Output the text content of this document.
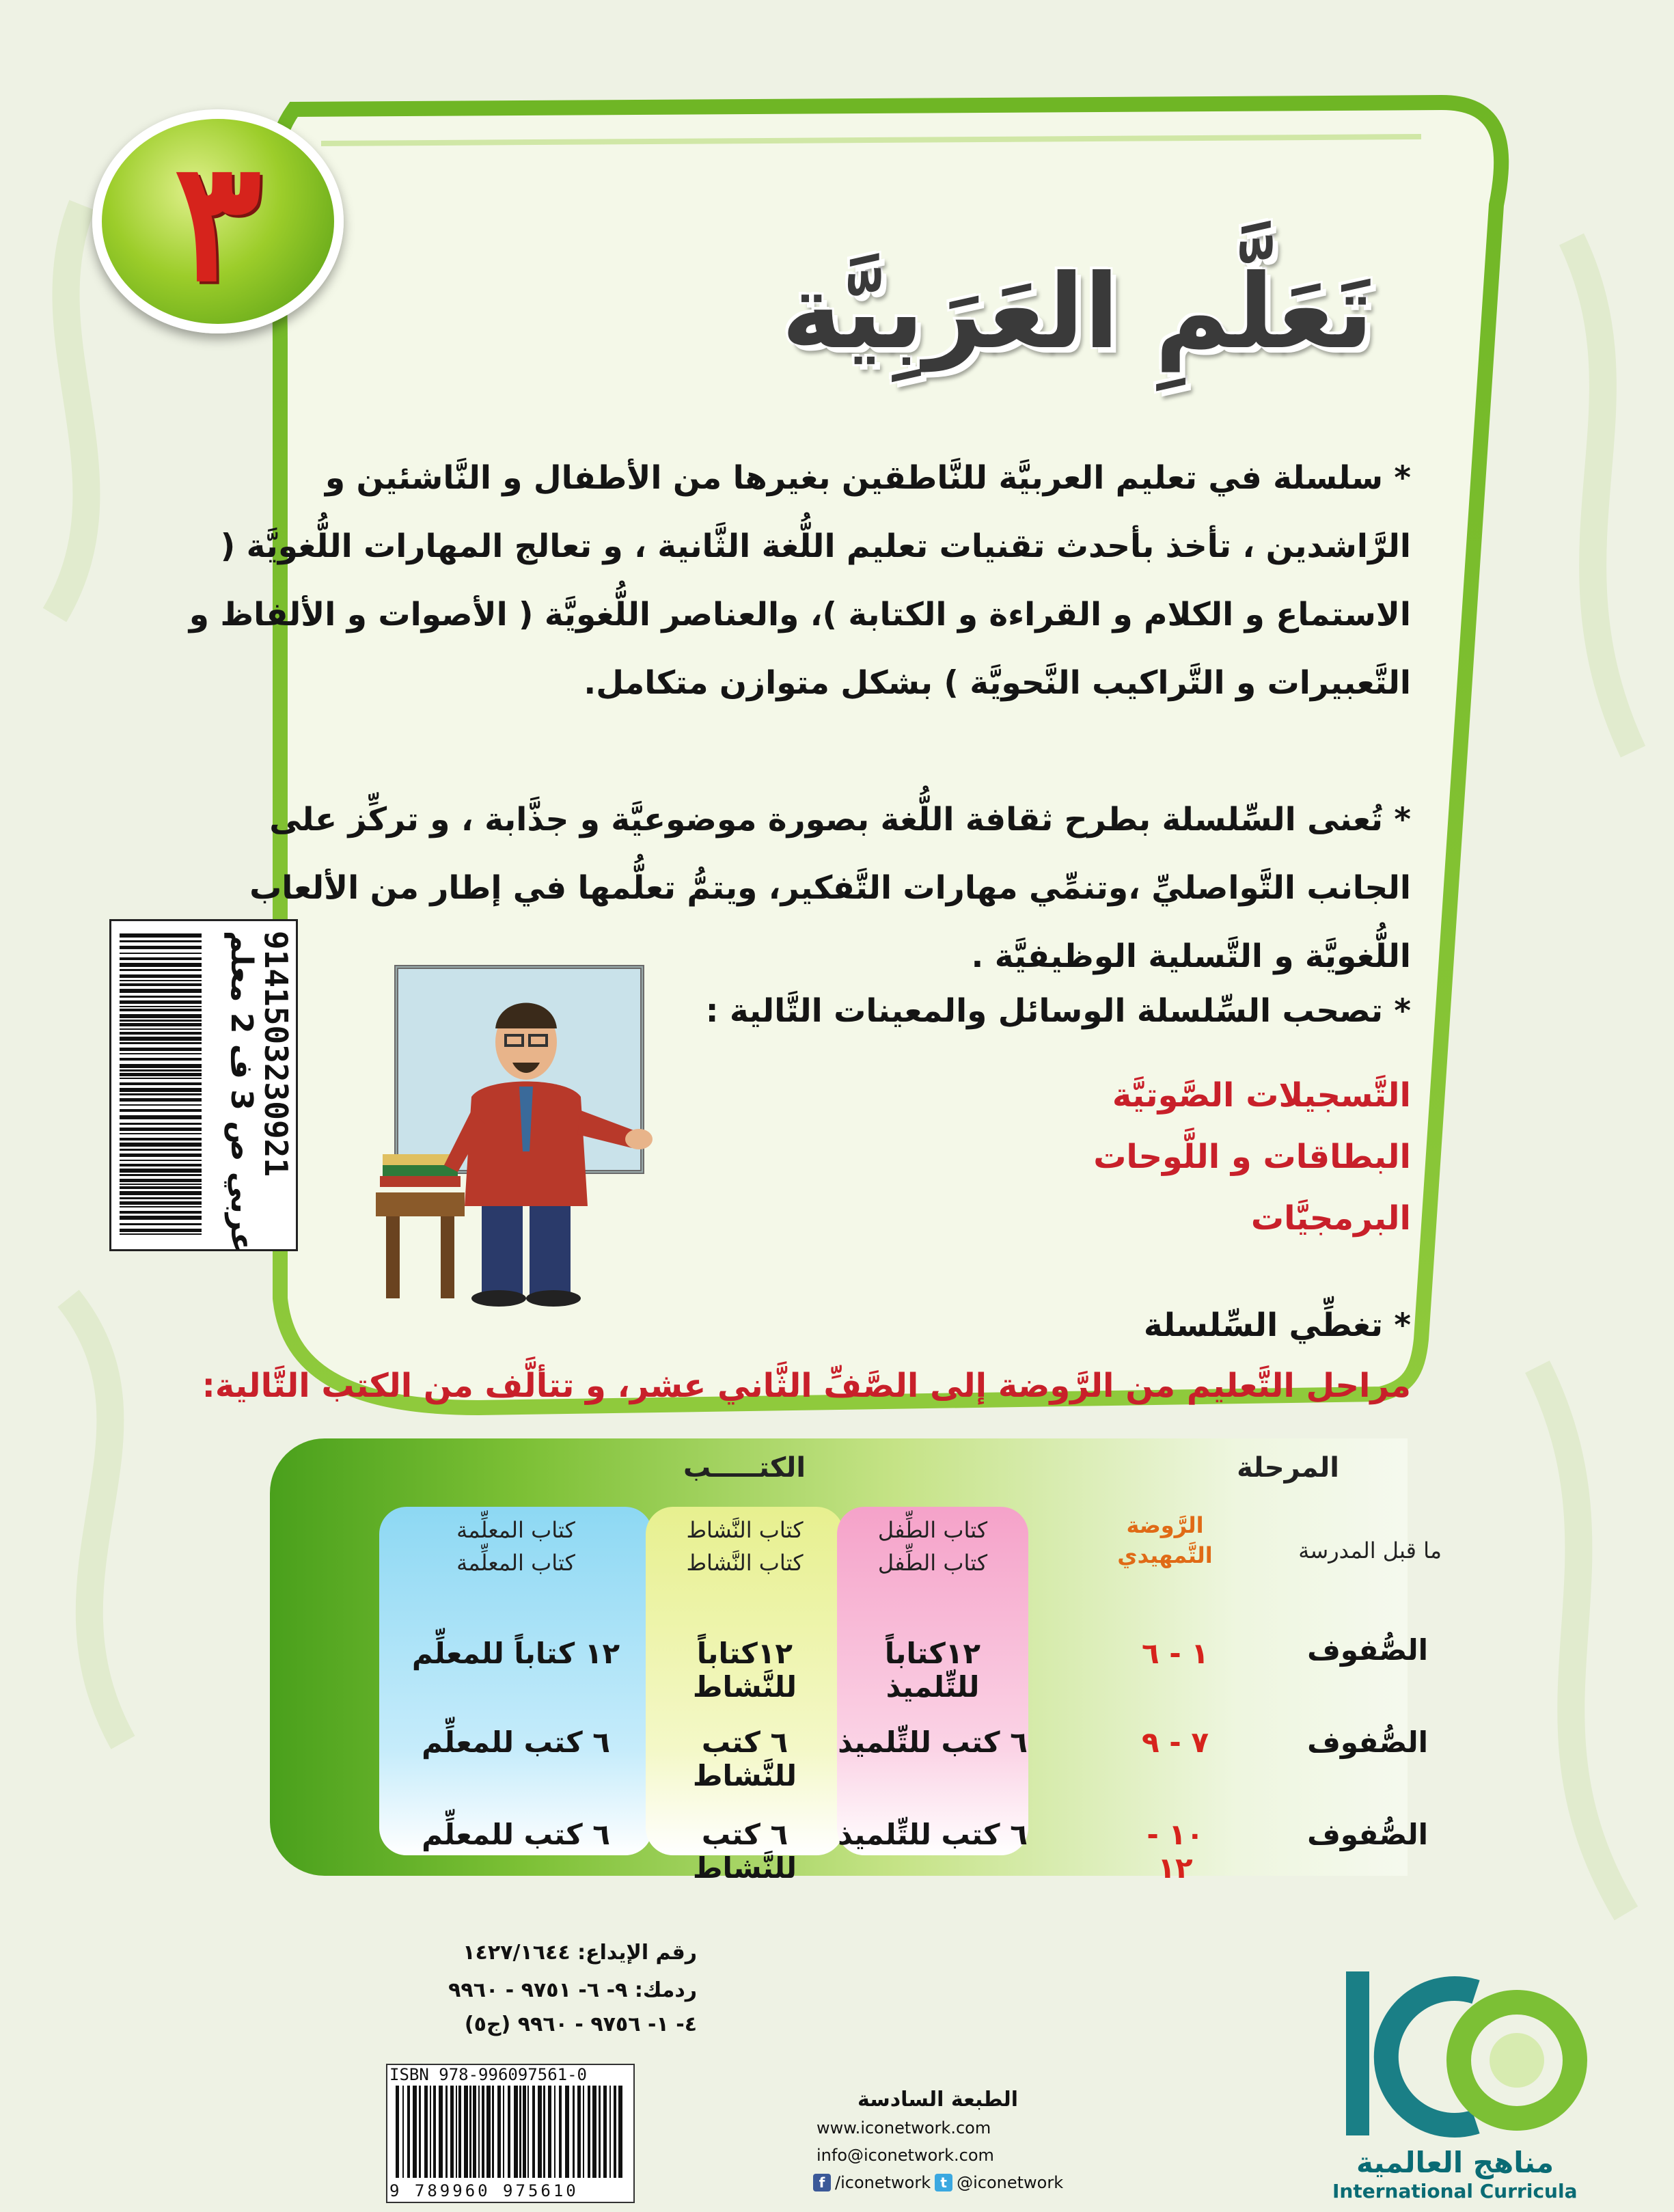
٣	تَعَلَّمِ العَرَبِيَّة
* سلسلة في تعليم العربيَّة للنَّاطقين بغيرها من الأطفال و النَّاشئين و الرَّاشدين ، تأخذ بأحدث تقنيات تعليم اللُّغة الثَّانية ، و تعالج المهارات اللُّغويَّة ( الاستماع و الكلام و القراءة و الكتابة )، والعناصر اللُّغويَّة ( الأصوات و الألفاظ و التَّعبيرات و التَّراكيب النَّحويَّة ) بشكل متوازن متكامل.
* تُعنى السِّلسلة بطرح ثقافة اللُّغة بصورة موضوعيَّة و جذَّابة ، و تركِّز على الجانب التَّواصليِّ ،وتنمِّي مهارات التَّفكير، ويتمُّ تعلُّمها في إطار من الألعاب اللُّغويَّة و التَّسلية الوظيفيَّة .
* تصحب السِّلسلة الوسائل والمعينات التَّالية :
التَّسجيلات الصَّوتيَّة
البطاقات و اللَّوحات
البرمجيَّات
* تغطِّي السِّلسلة
مراحل التَّعليم من الرَّوضة إلى الصَّفِّ الثَّاني عشر، و تتألَّف من الكتب التَّالية:
عربي ص 3 ف 2 معلم
9141503230921
المرحلة
الكتـــــب
ما قبل المدرسة
الرَّوضة
التَّمهيدي
كتاب الطِّفل
كتاب الطِّفل
كتاب النَّشاط
كتاب النَّشاط
كتاب المعلِّمة
كتاب المعلِّمة
الصُّفوف
١ - ٦
١٢كتاباً للتِّلميذ
١٢كتاباً للنَّشاط
١٢ كتاباً للمعلِّم
الصُّفوف
٧ - ٩
٦ كتب للتِّلميذ
٦ كتب للنَّشاط
٦ كتب للمعلِّم
الصُّفوف
١٠ - ١٢
٦ كتب للتِّلميذ
٦ كتب للنَّشاط
٦ كتب للمعلِّم
رقم الإيداع: ١٤٢٧/١٦٤٤
ردمك: ٩- ٦- ٩٧٥١ - ٩٩٦٠
٤- ١- ٩٧٥٦ - ٩٩٦٠ (ج٥)
ISBN 978-996097561-0
9 789960 975610
الطبعة السادسة
www.iconetwork.com
info@iconetwork.com
f /iconetwork t @iconetwork
مناهج العالمية
International Curricula
